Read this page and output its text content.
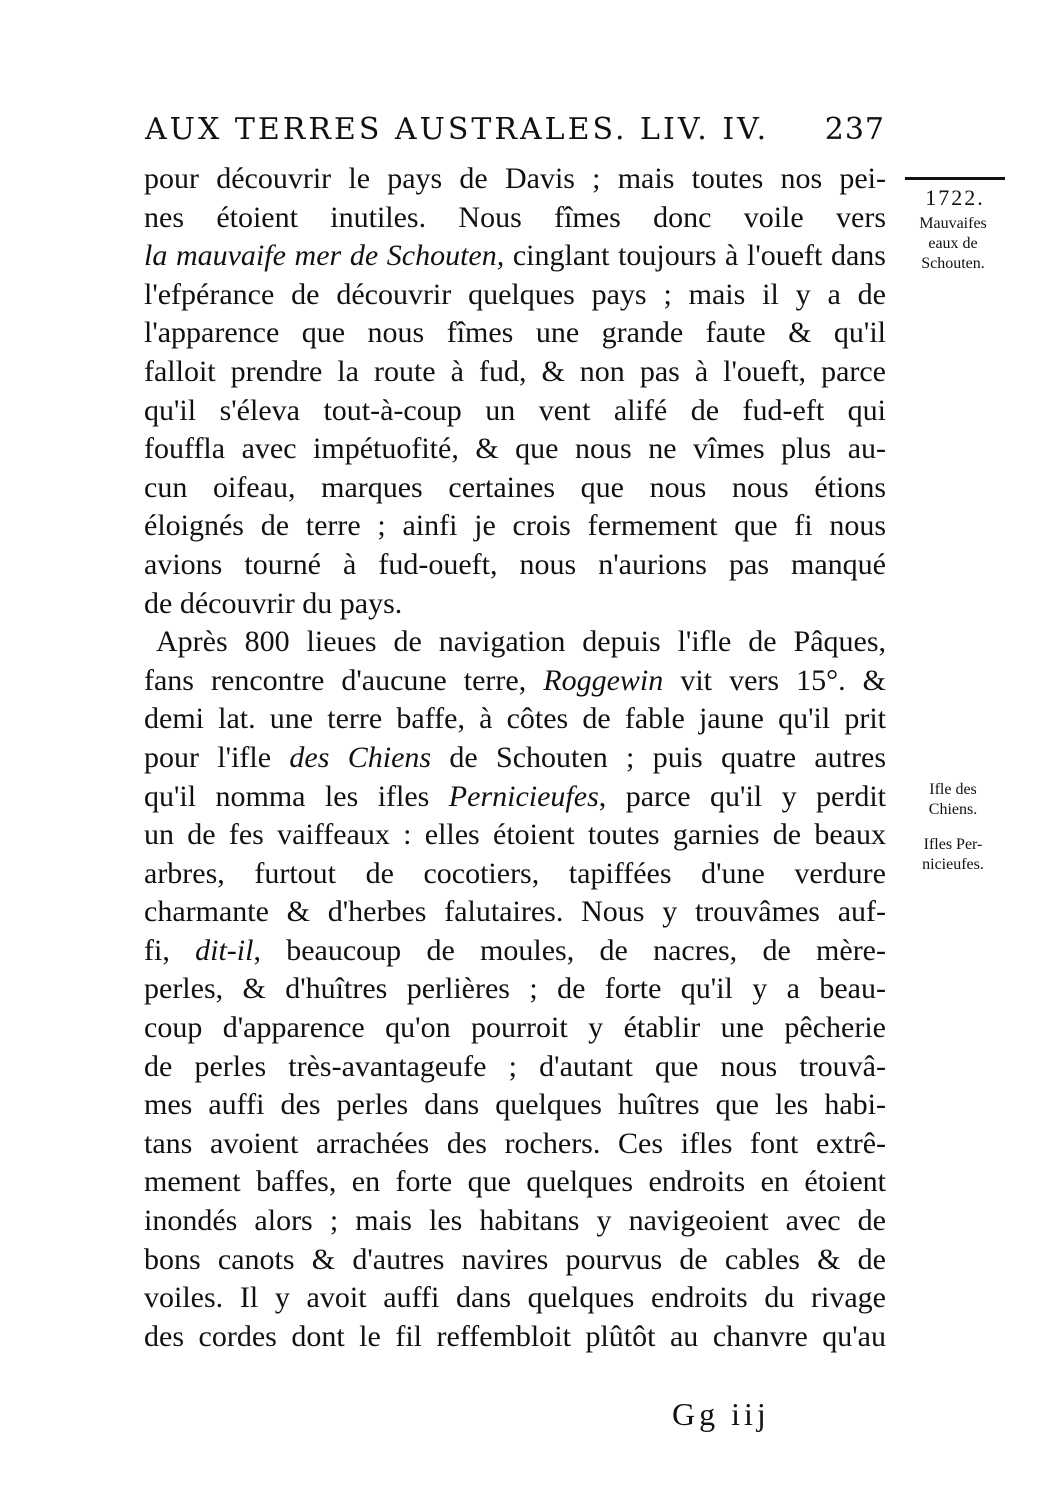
AUX TERRES AUSTRALES. LIV. IV. 237
1722.
Mauvaifes
eaux de
Schouten.
Ifle des
Chiens.
Ifles Per-
nicieufes.
pour découvrir le pays de Davis ; mais toutes nos pei-
nes étoient inutiles. Nous fîmes donc voile vers
la mauvaife mer de Schouten, cinglant toujours à l'oueft dans
l'efpérance de découvrir quelques pays ; mais il y a de
l'apparence que nous fîmes une grande faute & qu'il
falloit prendre la route à fud, & non pas à l'oueft, parce
qu'il s'éleva tout-à-coup un vent alifé de fud-eft qui
fouffla avec impétuofité, & que nous ne vîmes plus au-
cun oifeau, marques certaines que nous nous étions
éloignés de terre ; ainfi je crois fermement que fi nous
avions tourné à fud-oueft, nous n'aurions pas manqué
de découvrir du pays.
Après 800 lieues de navigation depuis l'ifle de Pâques,
fans rencontre d'aucune terre, Roggewin vit vers 15°. &
demi lat. une terre baffe, à côtes de fable jaune qu'il prit
pour l'ifle des Chiens de Schouten ; puis quatre autres
qu'il nomma les ifles Pernicieufes, parce qu'il y perdit
un de fes vaiffeaux : elles étoient toutes garnies de beaux
arbres, furtout de cocotiers, tapiffées d'une verdure
charmante & d'herbes falutaires. Nous y trouvâmes auf-
fi, dit-il, beaucoup de moules, de nacres, de mère-
perles, & d'huîtres perlières ; de forte qu'il y a beau-
coup d'apparence qu'on pourroit y établir une pêcherie
de perles très-avantageufe ; d'autant que nous trouvâ-
mes auffi des perles dans quelques huîtres que les habi-
tans avoient arrachées des rochers. Ces ifles font extrê-
mement baffes, en forte que quelques endroits en étoient
inondés alors ; mais les habitans y navigeoient avec de
bons canots & d'autres navires pourvus de cables & de
voiles. Il y avoit auffi dans quelques endroits du rivage
des cordes dont le fil reffembloit plûtôt au chanvre qu'au
Gg iij
